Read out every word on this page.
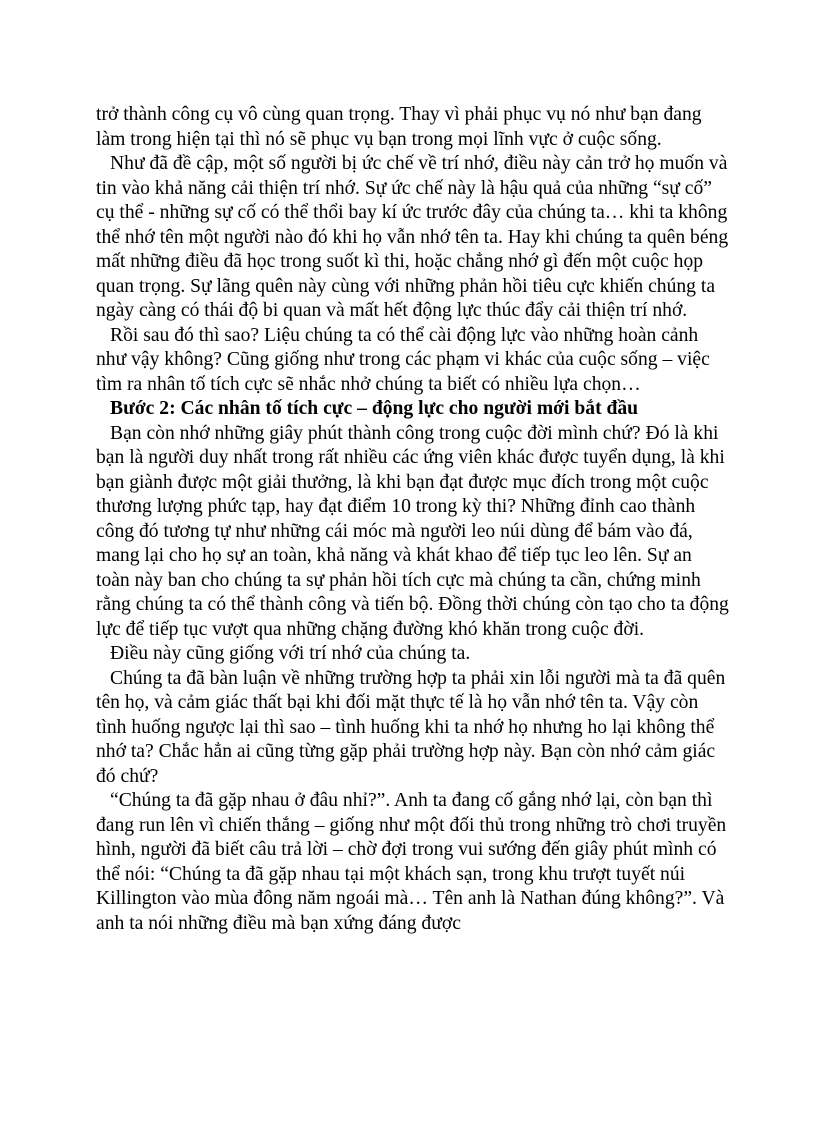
trở thành công cụ vô cùng quan trọng. Thay vì phải phục vụ nó như bạn đang làm trong hiện tại thì nó sẽ phục vụ bạn trong mọi lĩnh vực ở cuộc sống.

Như đã đề cập, một số người bị ức chế về trí nhớ, điều này cản trở họ muốn và tin vào khả năng cải thiện trí nhớ. Sự ức chế này là hậu quả của những “sự cố” cụ thể - những sự cố có thể thổi bay kí ức trước đây của chúng ta… khi ta không thể nhớ tên một người nào đó khi họ vẫn nhớ tên ta. Hay khi chúng ta quên béng mất những điều đã học trong suốt kì thi, hoặc chẳng nhớ gì đến một cuộc họp quan trọng. Sự lãng quên này cùng với những phản hồi tiêu cực khiến chúng ta ngày càng có thái độ bi quan và mất hết động lực thúc đẩy cải thiện trí nhớ.

Rồi sau đó thì sao? Liệu chúng ta có thể cài động lực vào những hoàn cảnh như vậy không? Cũng giống như trong các phạm vi khác của cuộc sống – việc tìm ra nhân tố tích cực sẽ nhắc nhở chúng ta biết có nhiều lựa chọn…

Bước 2: Các nhân tố tích cực – động lực cho người mới bắt đầu

Bạn còn nhớ những giây phút thành công trong cuộc đời mình chứ? Đó là khi bạn là người duy nhất trong rất nhiều các ứng viên khác được tuyển dụng, là khi bạn giành được một giải thưởng, là khi bạn đạt được mục đích trong một cuộc thương lượng phức tạp, hay đạt điểm 10 trong kỳ thi? Những đỉnh cao thành công đó tương tự như những cái móc mà người leo núi dùng để bám vào đá, mang lại cho họ sự an toàn, khả năng và khát khao để tiếp tục leo lên. Sự an toàn này ban cho chúng ta sự phản hồi tích cực mà chúng ta cần, chứng minh rằng chúng ta có thể thành công và tiến bộ. Đồng thời chúng còn tạo cho ta động lực để tiếp tục vượt qua những chặng đường khó khăn trong cuộc đời.

Điều này cũng giống với trí nhớ của chúng ta.

Chúng ta đã bàn luận về những trường hợp ta phải xin lỗi người mà ta đã quên tên họ, và cảm giác thất bại khi đối mặt thực tế là họ vẫn nhớ tên ta. Vậy còn tình huống ngược lại thì sao – tình huống khi ta nhớ họ nhưng ho lại không thể nhớ ta? Chắc hẳn ai cũng từng gặp phải trường hợp này. Bạn còn nhớ cảm giác đó chứ?

“Chúng ta đã gặp nhau ở đâu nhỉ?”. Anh ta đang cố gắng nhớ lại, còn bạn thì đang run lên vì chiến thắng – giống như một đối thủ trong những trò chơi truyền hình, người đã biết câu trả lời – chờ đợi trong vui sướng đến giây phút mình có thể nói: “Chúng ta đã gặp nhau tại một khách sạn, trong khu trượt tuyết núi Killington vào mùa đông năm ngoái mà… Tên anh là Nathan đúng không?”. Và anh ta nói những điều mà bạn xứng đáng được
